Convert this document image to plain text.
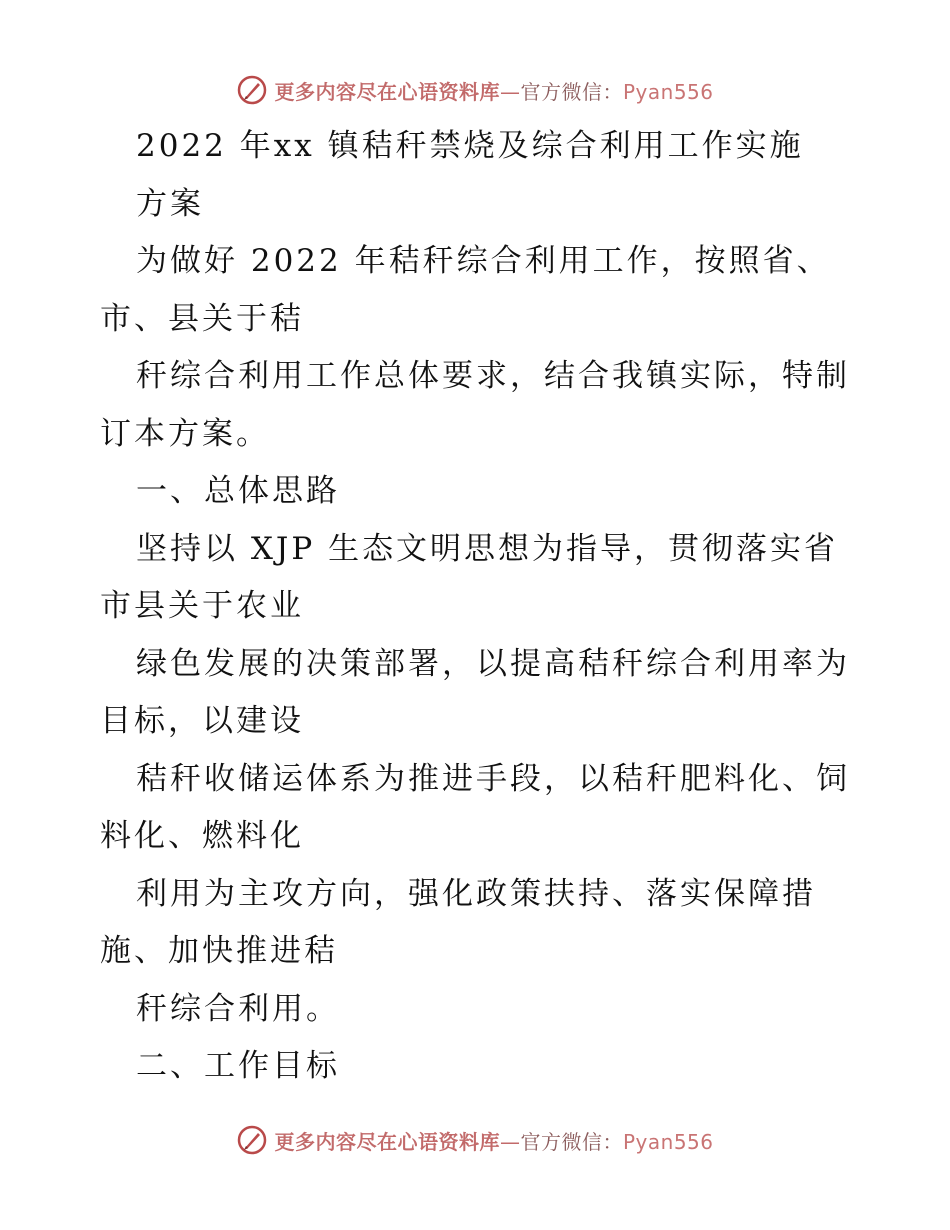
更多内容尽在心语资料库—官方微信：Pyan556
2022 年xx 镇秸秆禁烧及综合利用工作实施
方案
为做好 2022 年秸秆综合利用工作，按照省、
市、县关于秸
秆综合利用工作总体要求，结合我镇实际，特制
订本方案。
一、总体思路
坚持以 XJP 生态文明思想为指导，贯彻落实省
市县关于农业
绿色发展的决策部署，以提高秸秆综合利用率为
目标，以建设
秸秆收储运体系为推进手段，以秸秆肥料化、饲
料化、燃料化
利用为主攻方向，强化政策扶持、落实保障措
施、加快推进秸
秆综合利用。
二、工作目标
更多内容尽在心语资料库—官方微信：Pyan556
